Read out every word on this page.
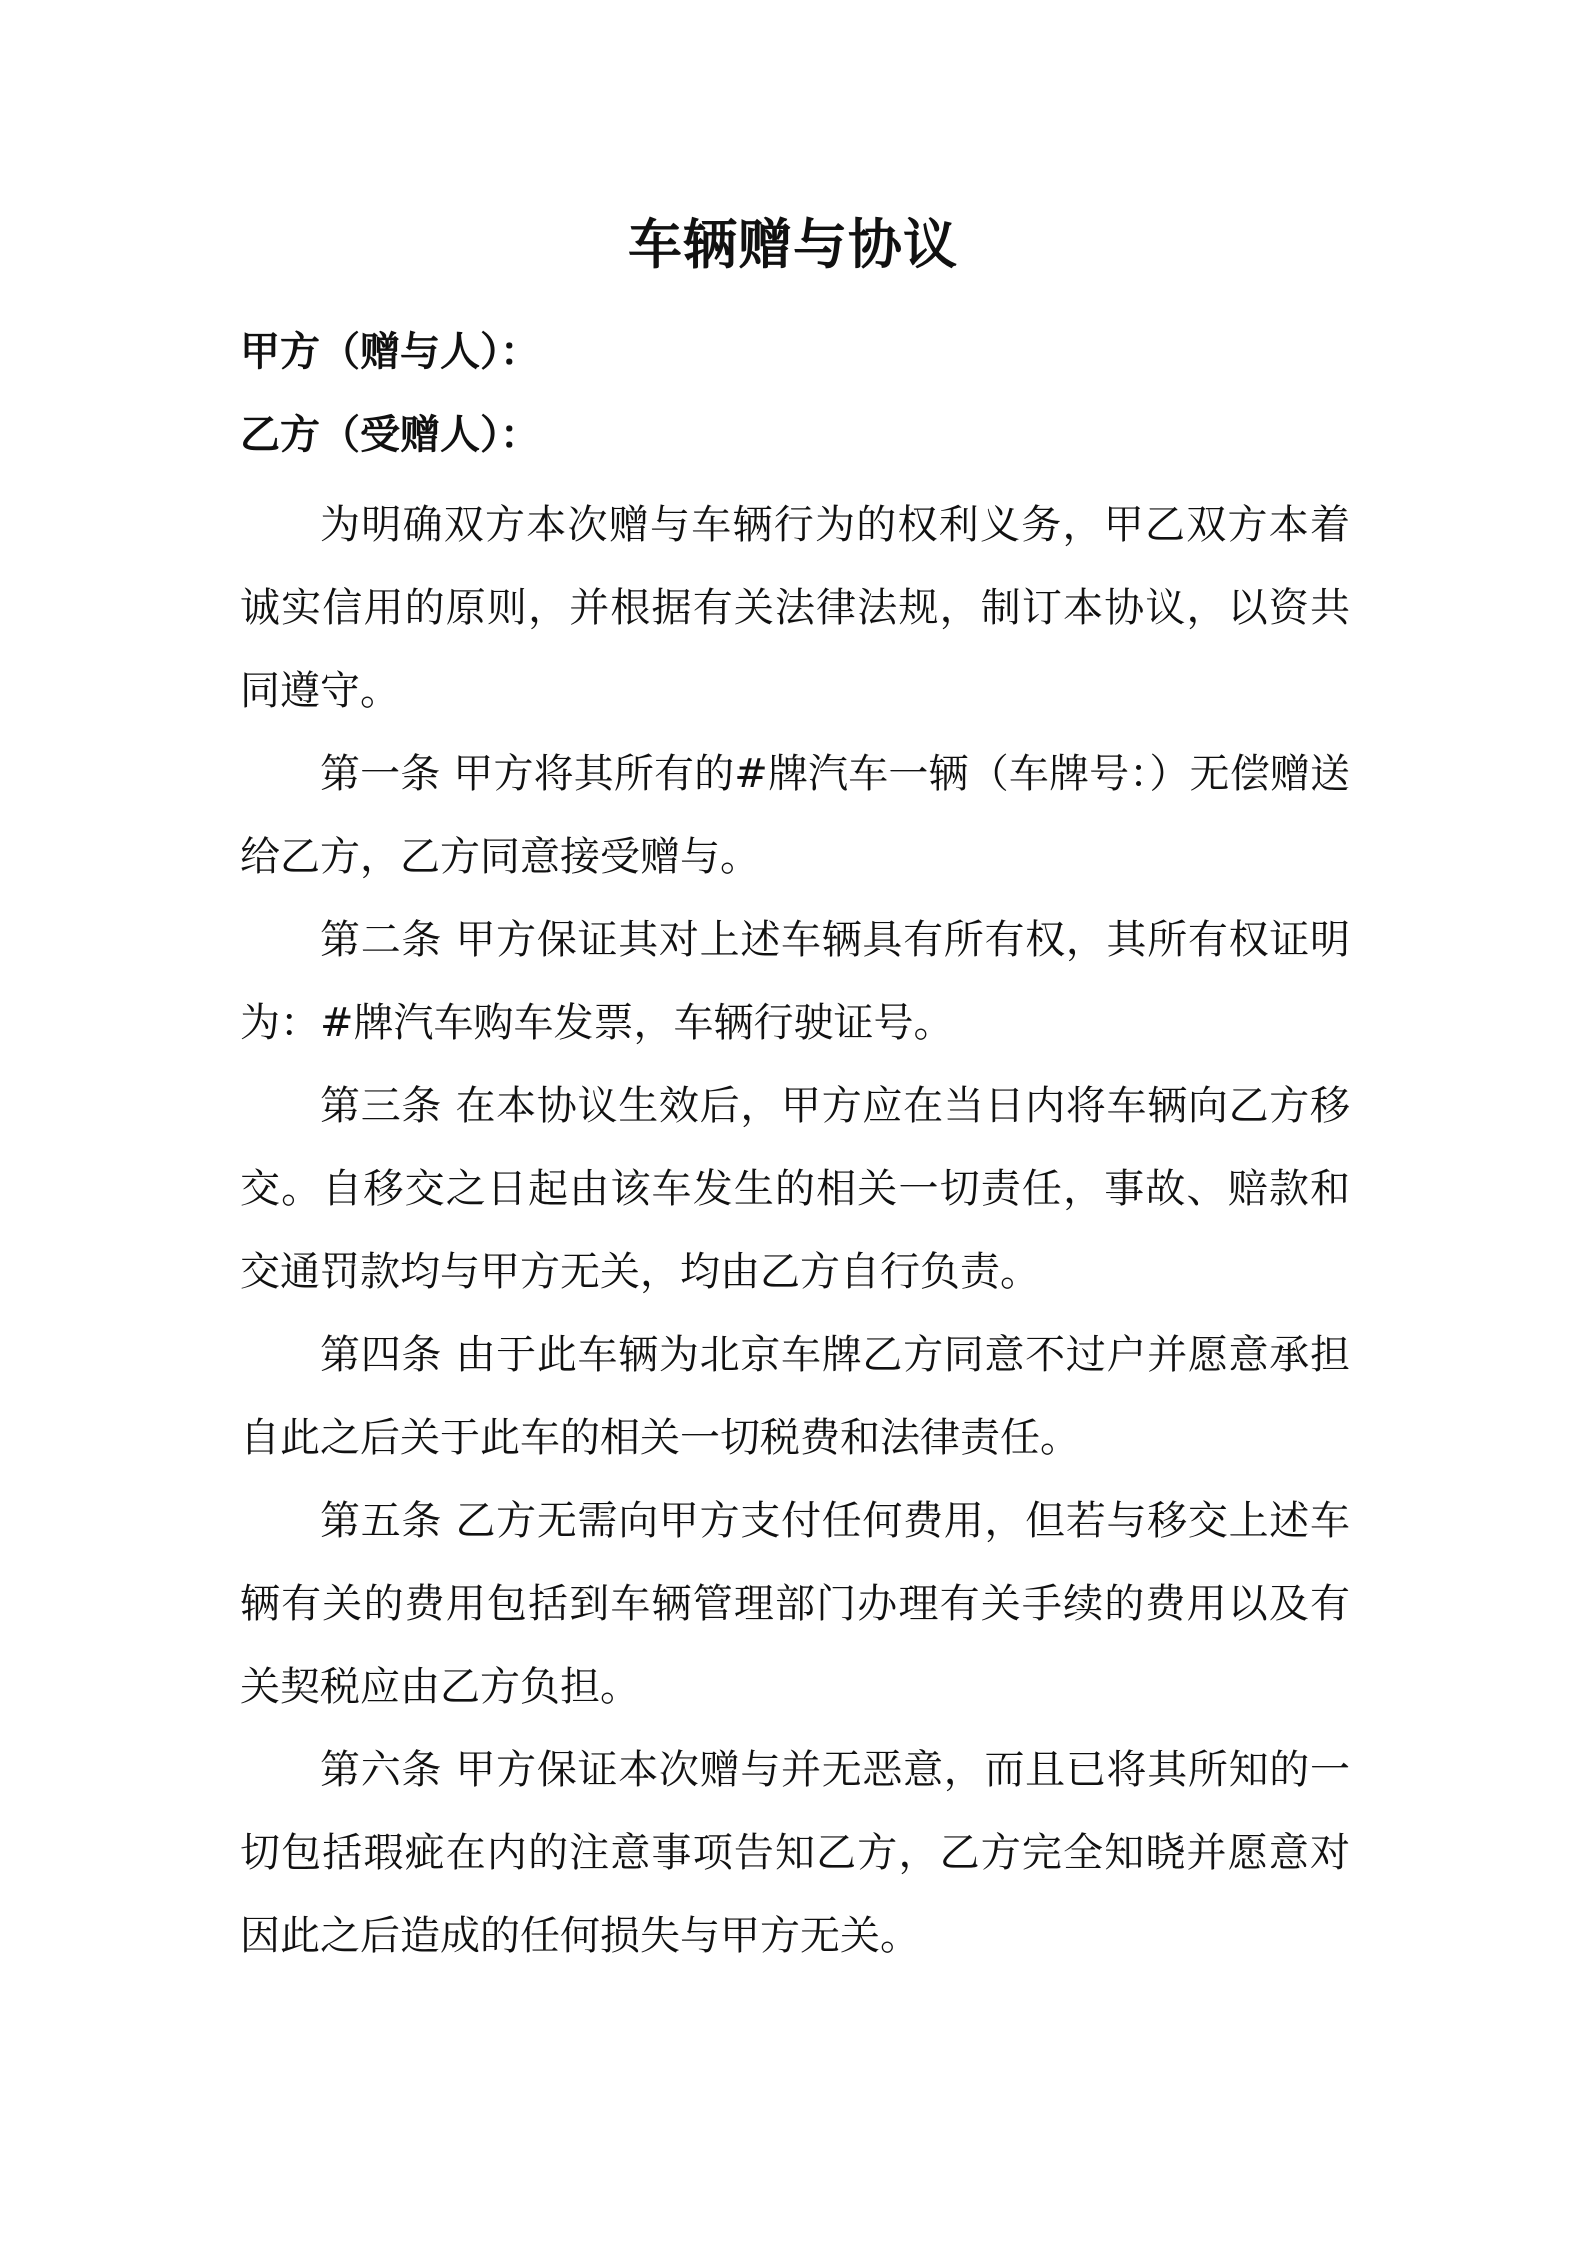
车辆赠与协议
甲方（赠与人）：
乙方（受赠人）：

为明确双方本次赠与车辆行为的权利义务，甲乙双方本着诚实信用的原则，并根据有关法律法规，制订本协议，以资共同遵守。

第一条 甲方将其所有的#牌汽车一辆（车牌号：）无偿赠送给乙方，乙方同意接受赠与。

第二条 甲方保证其对上述车辆具有所有权，其所有权证明为：#牌汽车购车发票，车辆行驶证号。

第三条 在本协议生效后，甲方应在当日内将车辆向乙方移交。自移交之日起由该车发生的相关一切责任，事故、赔款和交通罚款均与甲方无关，均由乙方自行负责。

第四条 由于此车辆为北京车牌乙方同意不过户并愿意承担自此之后关于此车的相关一切税费和法律责任。

第五条 乙方无需向甲方支付任何费用，但若与移交上述车辆有关的费用包括到车辆管理部门办理有关手续的费用以及有关契税应由乙方负担。

第六条 甲方保证本次赠与并无恶意，而且已将其所知的一切包括瑕疵在内的注意事项告知乙方，乙方完全知晓并愿意对因此之后造成的任何损失与甲方无关。
